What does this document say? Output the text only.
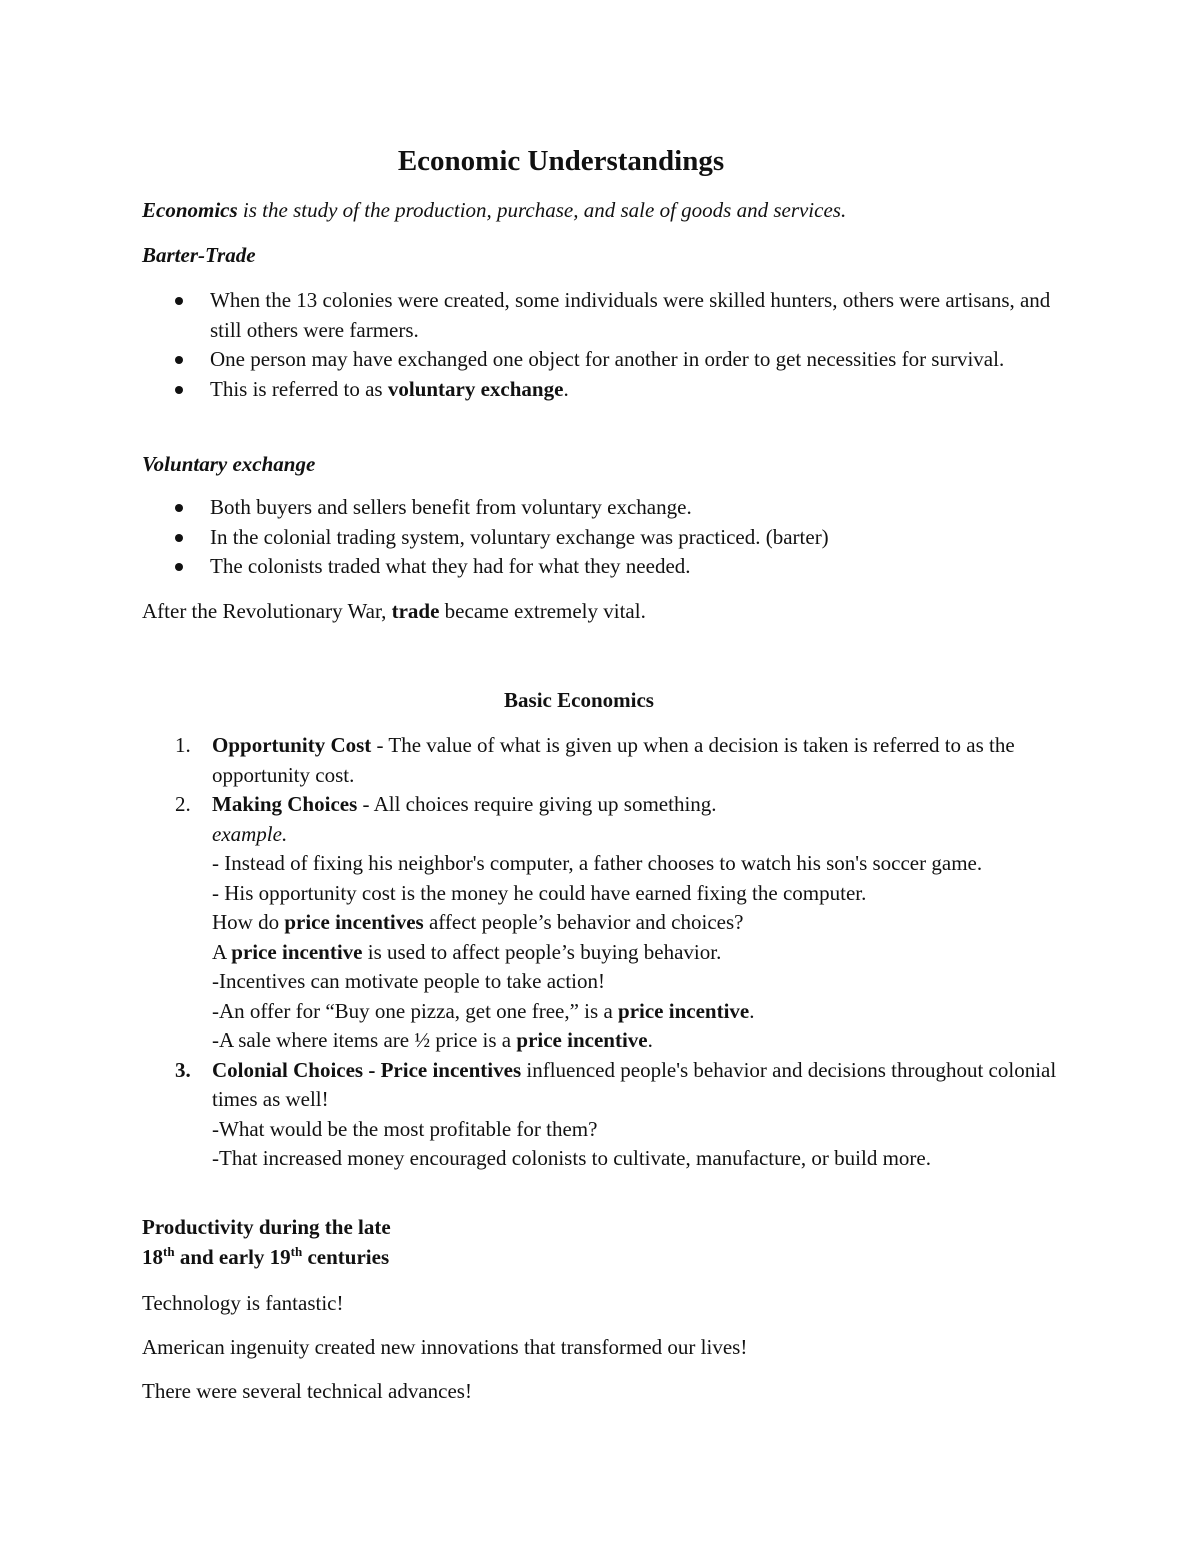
Economic Understandings
Economics is the study of the production, purchase, and sale of goods and services.
Barter-Trade
When the 13 colonies were created, some individuals were skilled hunters, others were artisans, and still others were farmers.
One person may have exchanged one object for another in order to get necessities for survival.
This is referred to as voluntary exchange.
Voluntary exchange
Both buyers and sellers benefit from voluntary exchange.
In the colonial trading system, voluntary exchange was practiced. (barter)
The colonists traded what they had for what they needed.
After the Revolutionary War, trade became extremely vital.
Basic Economics
1. Opportunity Cost - The value of what is given up when a decision is taken is referred to as the opportunity cost.
2. Making Choices - All choices require giving up something.
example.
- Instead of fixing his neighbor's computer, a father chooses to watch his son's soccer game.
- His opportunity cost is the money he could have earned fixing the computer.
How do price incentives affect people’s behavior and choices?
A price incentive is used to affect people’s buying behavior.
-Incentives can motivate people to take action!
-An offer for “Buy one pizza, get one free,” is a price incentive.
-A sale where items are ½ price is a price incentive.
3. Colonial Choices - Price incentives influenced people's behavior and decisions throughout colonial times as well!
-What would be the most profitable for them?
-That increased money encouraged colonists to cultivate, manufacture, or build more.
Productivity during the late
18th and early 19th centuries
Technology is fantastic!
American ingenuity created new innovations that transformed our lives!
There were several technical advances!
